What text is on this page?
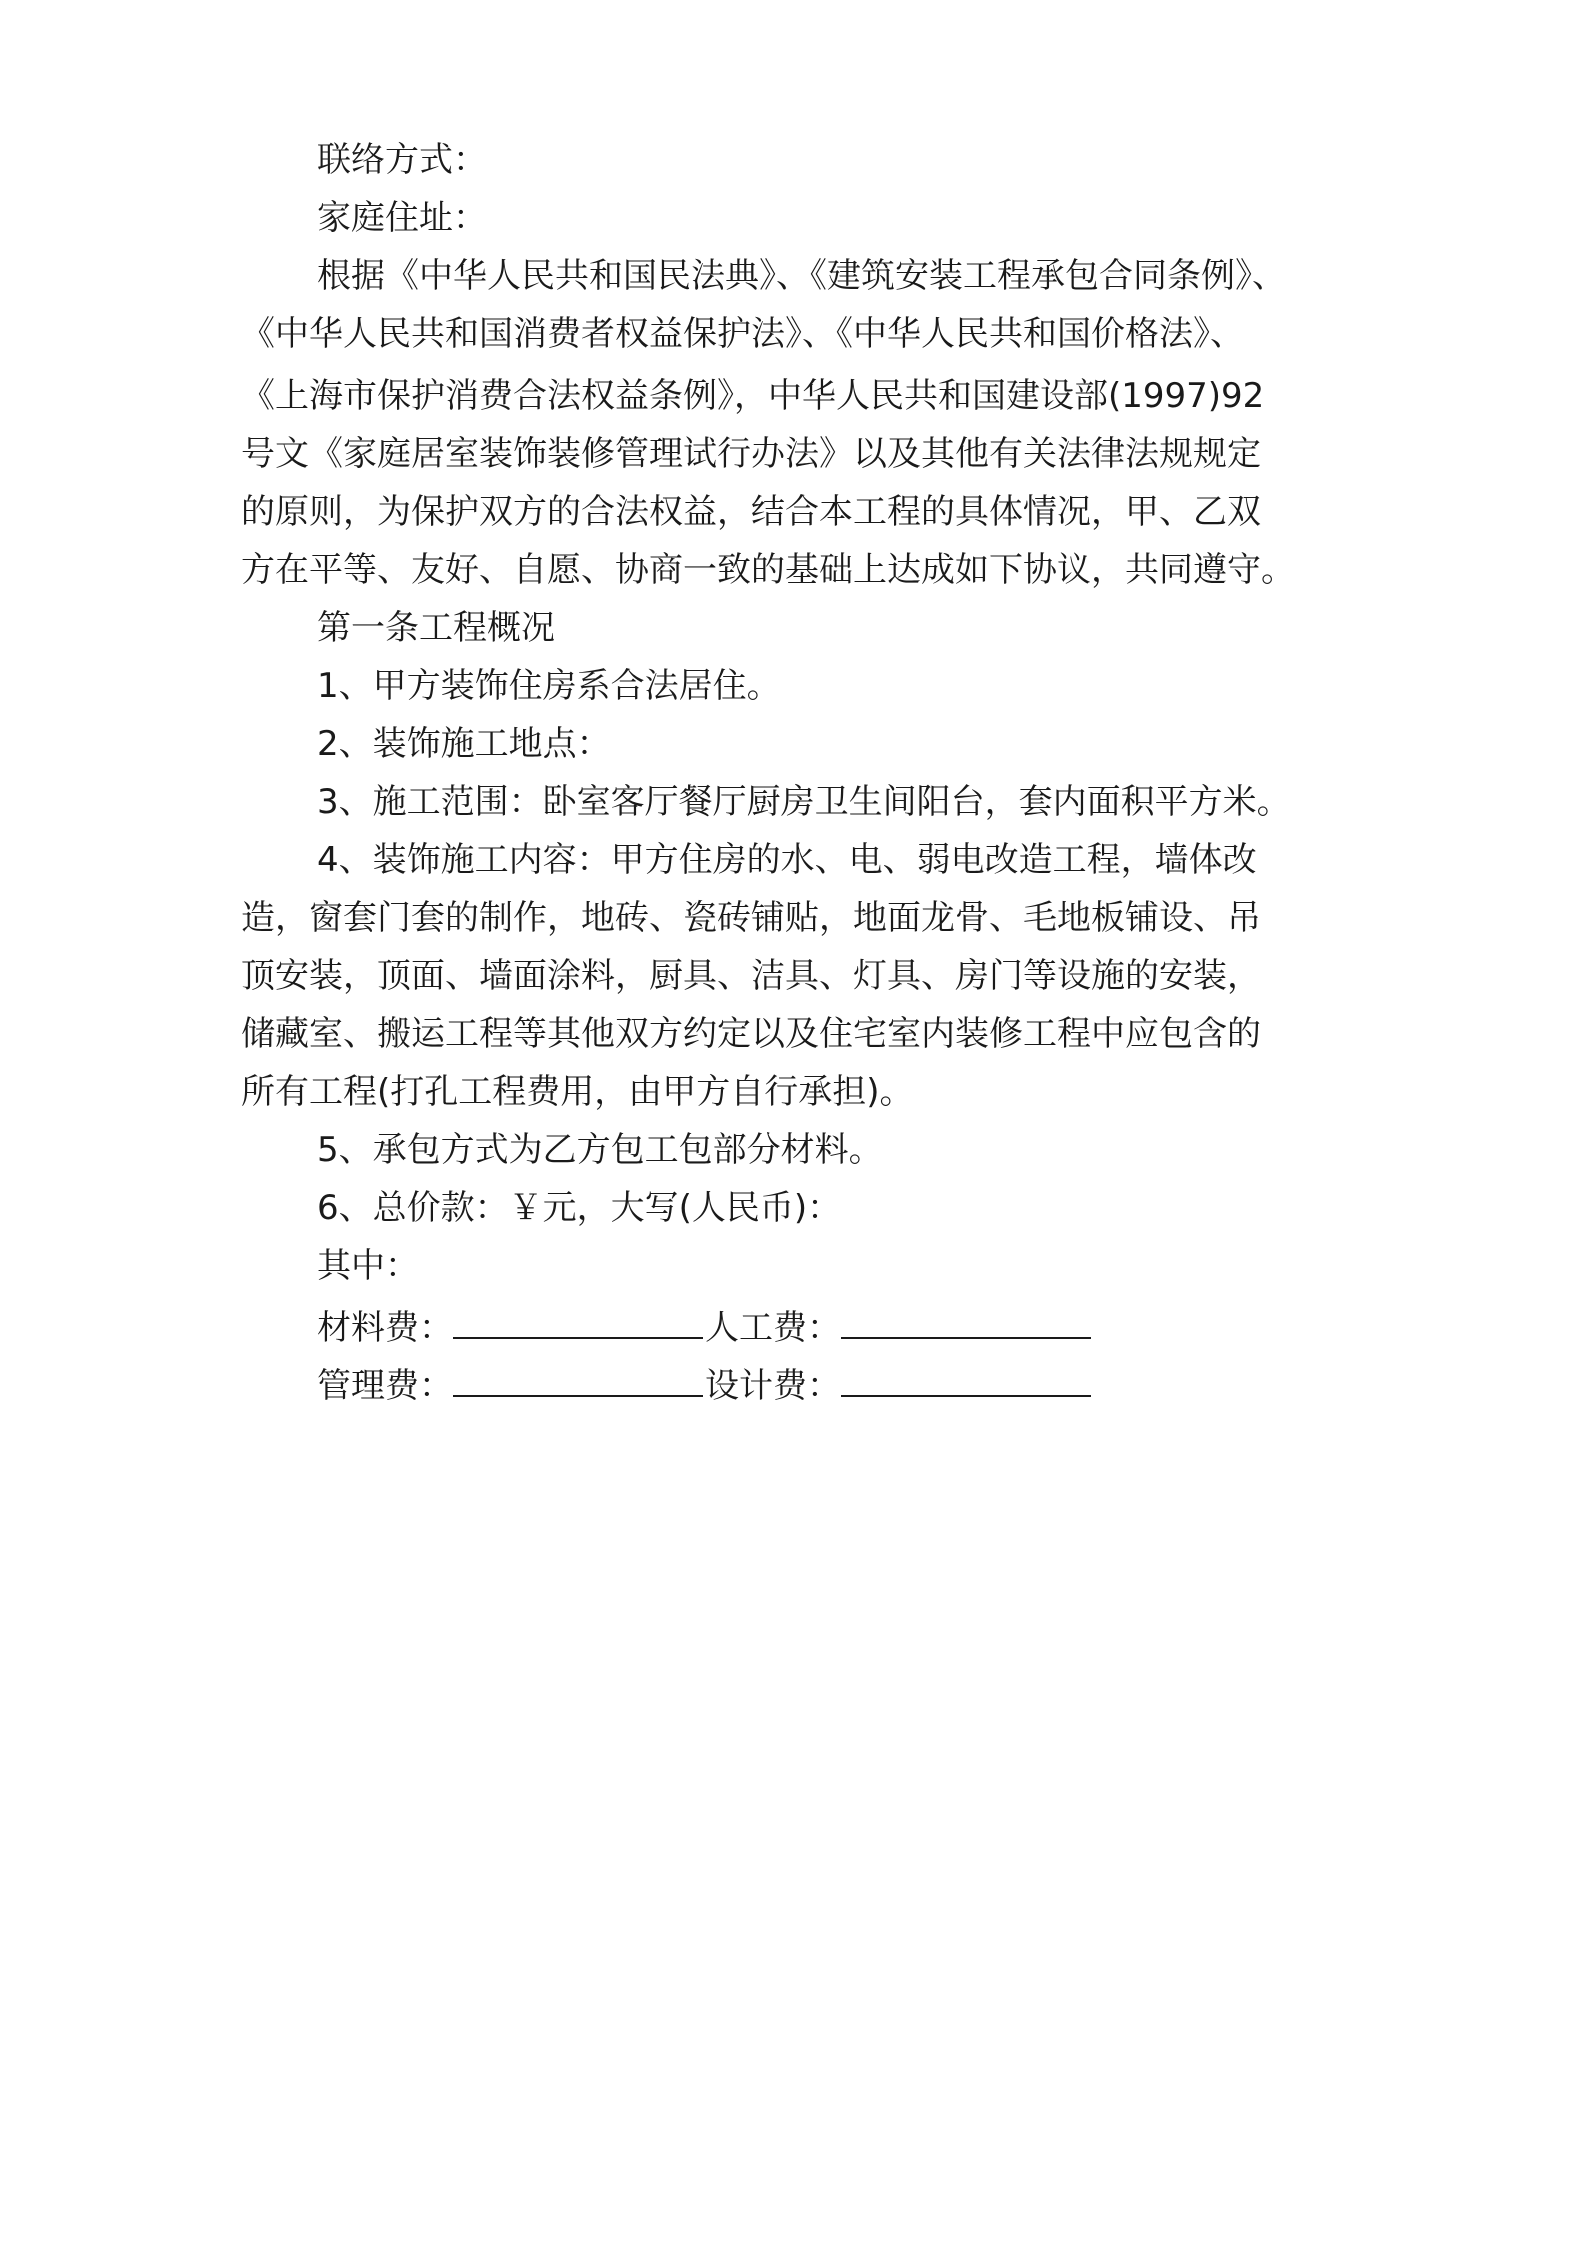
联络方式：
家庭住址：
根据《中华人民共和国民法典》、《建筑安装工程承包合同条例》、
《中华人民共和国消费者权益保护法》、《中华人民共和国价格法》、
《上海市保护消费合法权益条例》，中华人民共和国建设部(1997)92
号文《家庭居室装饰装修管理试行办法》以及其他有关法律法规规定
的原则，为保护双方的合法权益，结合本工程的具体情况，甲、乙双
方在平等、友好、自愿、协商一致的基础上达成如下协议，共同遵守。
第一条工程概况
1、甲方装饰住房系合法居住。
2、装饰施工地点：
3、施工范围：卧室客厅餐厅厨房卫生间阳台，套内面积平方米。
4、装饰施工内容：甲方住房的水、电、弱电改造工程，墙体改
造，窗套门套的制作，地砖、瓷砖铺贴，地面龙骨、毛地板铺设、吊
顶安装，顶面、墙面涂料，厨具、洁具、灯具、房门等设施的安装，
储藏室、搬运工程等其他双方约定以及住宅室内装修工程中应包含的
所有工程(打孔工程费用，由甲方自行承担)。
5、承包方式为乙方包工包部分材料。
6、总价款：￥元，大写(人民币)：
其中：
材料费：	人工费：
管理费：	设计费：
